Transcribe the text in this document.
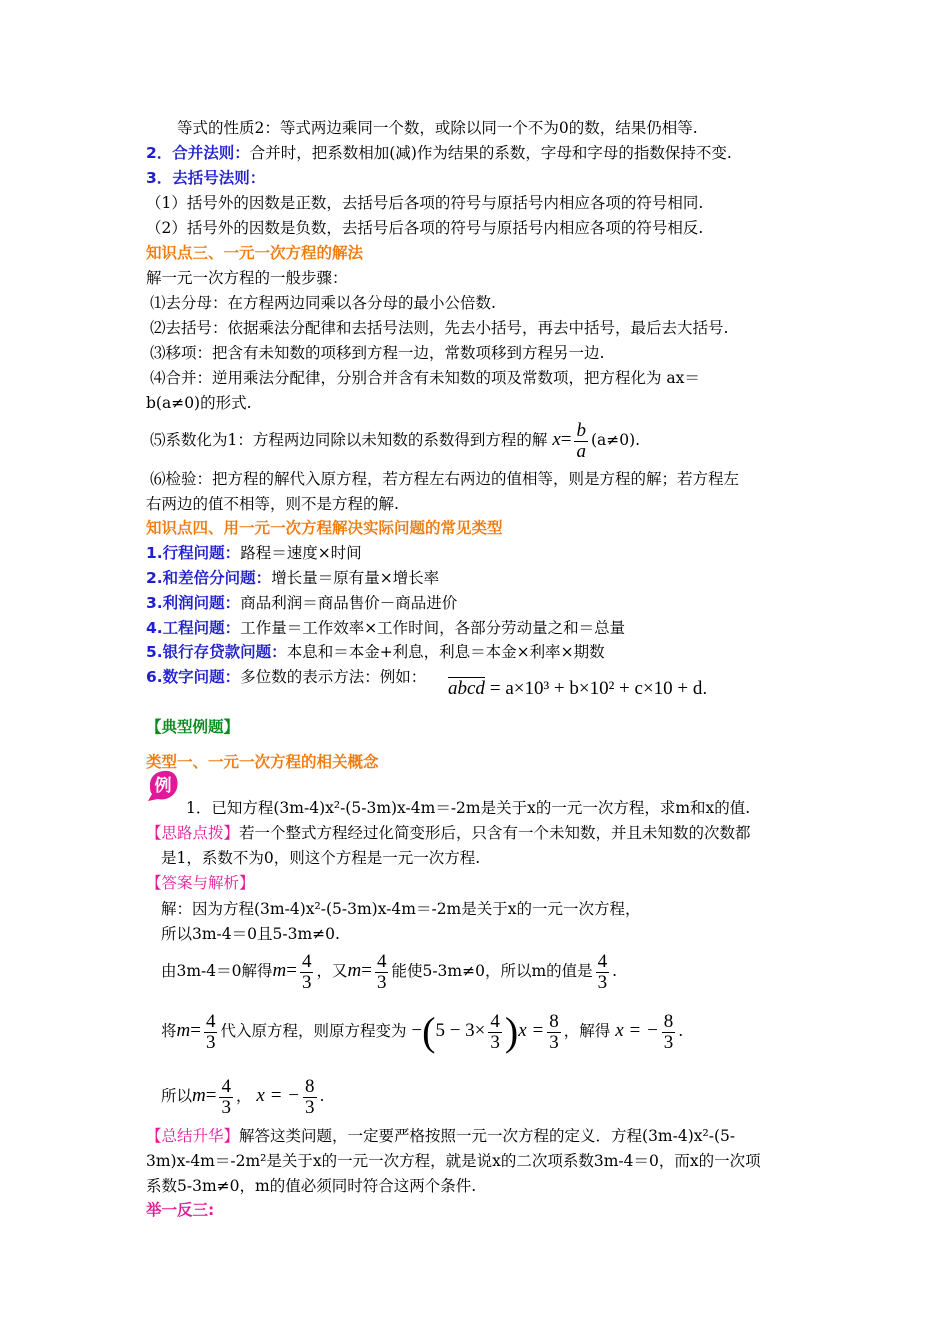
等式的性质2：等式两边乘同一个数，或除以同一个不为0的数，结果仍相等.
2．合并法则：合并时，把系数相加(减)作为结果的系数，字母和字母的指数保持不变.
3．去括号法则：
（1）括号外的因数是正数，去括号后各项的符号与原括号内相应各项的符号相同.
（2）括号外的因数是负数，去括号后各项的符号与原括号内相应各项的符号相反.
知识点三、一元一次方程的解法
解一元一次方程的一般步骤：
⑴去分母：在方程两边同乘以各分母的最小公倍数.
⑵去括号：依据乘法分配律和去括号法则，先去小括号，再去中括号，最后去大括号.
⑶移项：把含有未知数的项移到方程一边，常数项移到方程另一边.
⑷合并：逆用乘法分配律，分别合并含有未知数的项及常数项，把方程化为 ax＝
b(a≠0)的形式.
⑸系数化为1：方程两边同除以未知数的系数得到方程的解 $x= \frac{b}{a} (a\ne 0)$.
⑹检验：把方程的解代入原方程，若方程左右两边的值相等，则是方程的解；若方程左
右两边的值不相等，则不是方程的解.
知识点四、用一元一次方程解决实际问题的常见类型
1.行程问题：路程＝速度×时间
2.和差倍分问题：增长量＝原有量×增长率
3.利润问题：商品利润＝商品售价－商品进价
4.工程问题：工作量＝工作效率×工作时间，各部分劳动量之和＝总量
5.银行存贷款问题：本息和＝本金+利息，利息＝本金×利率×期数
6.数字问题：多位数的表示方法：例如：
abcd = a×10³ + b×10² + c×10 + d.
【典型例题】
类型一、一元一次方程的相关概念
例
1．已知方程(3m-4)x²-(5-3m)x-4m＝-2m是关于x的一元一次方程，求m和x的值.
【思路点拨】若一个整式方程经过化简变形后，只含有一个未知数，并且未知数的次数都
是1，系数不为0，则这个方程是一元一次方程.
【答案与解析】
解：因为方程(3m-4)x²-(5-3m)x-4m＝-2m是关于x的一元一次方程，
所以3m-4＝0且5-3m≠0.
由3m-4＝0解得$m= \frac{4}{3}$ ，又$m= \frac{4}{3}$ 能使5-3m≠0，所以m的值是 $\frac{4}{3}$ .
将$m= \frac{4}{3}$ 代入原方程，则原方程变为 $-(5 - 3\times \frac{4}{3} )x = \frac{8}{3}$ ，解得 x = − $\frac{8}{3}$ .
所以$m= \frac{4}{3}$ ， x = − $\frac{8}{3}$ .
【总结升华】解答这类问题，一定要严格按照一元一次方程的定义．方程(3m-4)x²-(5-
3m)x-4m＝-2m²是关于x的一元一次方程，就是说x的二次项系数3m-4＝0，而x的一次项
系数5-3m≠0，m的值必须同时符合这两个条件.
举一反三:
